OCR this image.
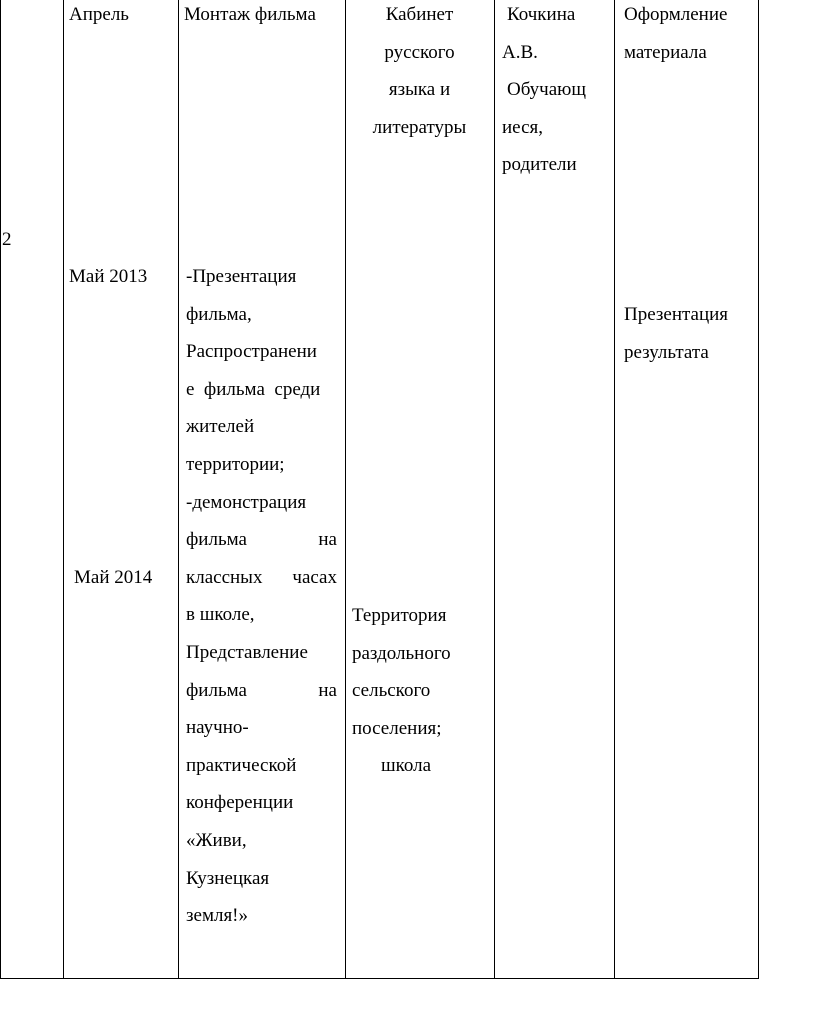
2
Апрель
Май 2013
Май 2014
Монтаж фильма
-Презентация
фильма,
Распространени
е  фильма  среди
жителей
территории;
-демонстрация
фильма	на
классных часах
в школе,
Представление
фильма	на
научно-
практической
конференции
«Живи,
Кузнецкая
земля!»
Кабинет
русского
языка и
литературы
Территория
раздольного
сельского
поселения;
школа
Кочкина
А.В.
Обучающ
иеся,
родители
Оформление
материала
Презентация
результата
